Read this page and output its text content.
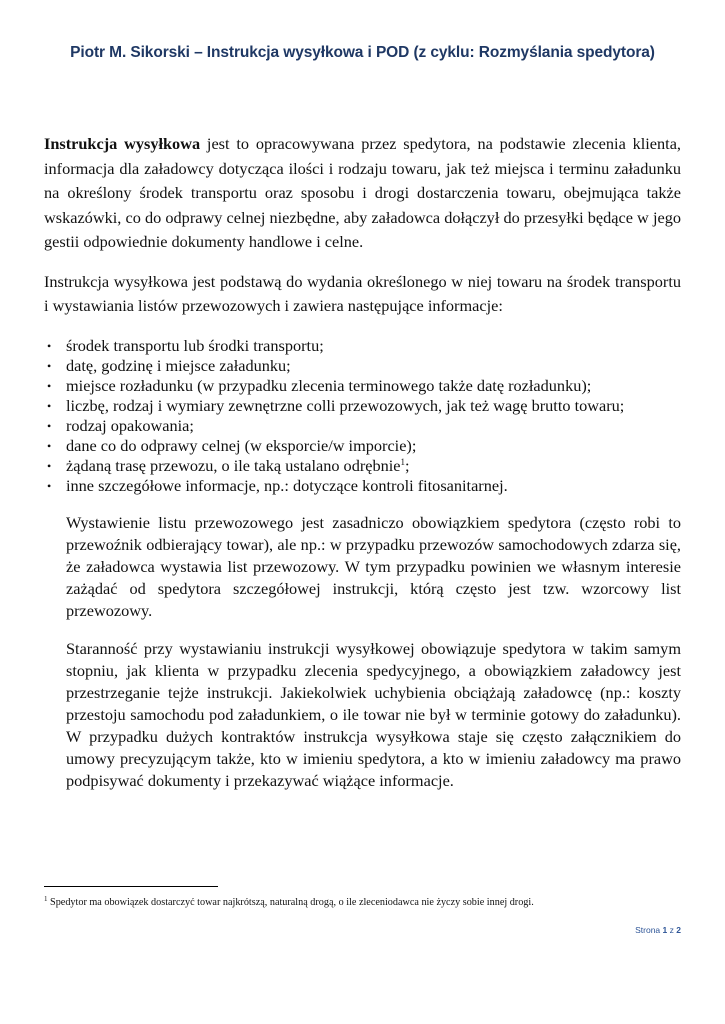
Piotr M. Sikorski – Instrukcja wysyłkowa i POD (z cyklu: Rozmyślania spedytora)

Instrukcja wysyłkowa jest to opracowywana przez spedytora, na podstawie zlecenia klienta, informacja dla załadowcy dotycząca ilości i rodzaju towaru, jak też miejsca i terminu załadunku na określony środek transportu oraz sposobu i drogi dostarczenia towaru, obejmująca także wskazówki, co do odprawy celnej niezbędne, aby załadowca dołączył do przesyłki będące w jego gestii odpowiednie dokumenty handlowe i celne.

Instrukcja wysyłkowa jest podstawą do wydania określonego w niej towaru na środek transportu i wystawiania listów przewozowych i zawiera następujące informacje:

• środek transportu lub środki transportu;
• datę, godzinę i miejsce załadunku;
• miejsce rozładunku (w przypadku zlecenia terminowego także datę rozładunku);
• liczbę, rodzaj i wymiary zewnętrzne colli przewozowych, jak też wagę brutto towaru;
• rodzaj opakowania;
• dane co do odprawy celnej (w eksporcie/w imporcie);
• żądaną trasę przewozu, o ile taką ustalano odrębnie$^1$;
• inne szczegółowe informacje, np.: dotyczące kontroli fitosanitarnej.

Wystawienie listu przewozowego jest zasadniczo obowiązkiem spedytora (często robi to przewoźnik odbierający towar), ale np.: w przypadku przewozów samochodowych zdarza się, że załadowca wystawia list przewozowy. W tym przypadku powinien we własnym interesie zażądać od spedytora szczegółowej instrukcji, którą często jest tzw. wzorcowy list przewozowy.

Staranność przy wystawianiu instrukcji wysyłkowej obowiązuje spedytora w takim samym stopniu, jak klienta w przypadku zlecenia spedycyjnego, a obowiązkiem załadowcy jest przestrzeganie tejże instrukcji. Jakiekolwiek uchybienia obciążają załadowcę (np.: koszty przestoju samochodu pod załadunkiem, o ile towar nie był w terminie gotowy do załadunku). W przypadku dużych kontraktów instrukcja wysyłkowa staje się często załącznikiem do umowy precyzującym także, kto w imieniu spedytora, a kto w imieniu załadowcy ma prawo podpisywać dokumenty i przekazywać wiążące informacje.

$^1$ Spedytor ma obowiązek dostarczyć towar najkrótszą, naturalną drogą, o ile zleceniodawca nie życzy sobie innej drogi.
Strona 1 z 2
